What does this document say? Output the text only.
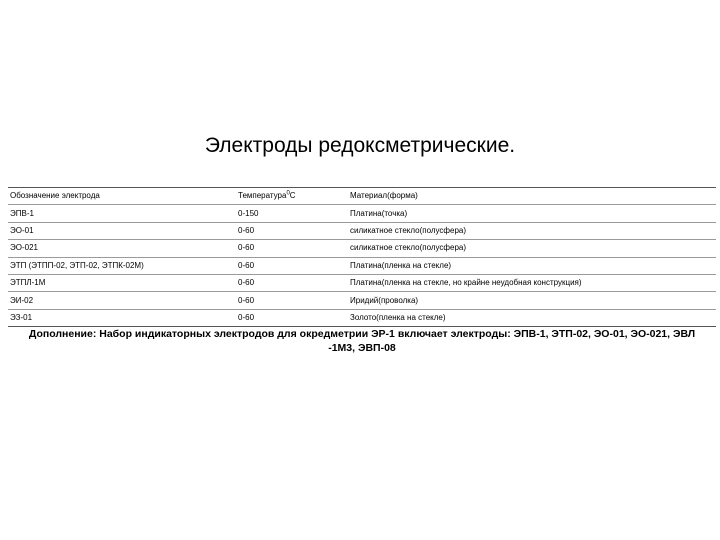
Электроды редоксметрические.
Обозначение электрода	Температура$^0$С	Материал(форма)
ЭПВ-1	0-150	Платина(точка)
ЭО-01	0-60	силикатное стекло(полусфера)
ЭО-021	0-60	силикатное стекло(полусфера)
ЭТП (ЭТПП-02, ЭТП-02, ЭТПК-02М)	0-60	Платина(пленка на стекле)
ЭТПЛ-1М	0-60	Платина(пленка на стекле, но крайне неудобная конструкция)
ЭИ-02	0-60	Иридий(проволка)
ЭЗ-01	0-60	Золото(пленка на стекле)
Дополнение: Набор индикаторных электродов для окредметрии ЭР-1 включает электроды: ЭПВ-1, ЭТП-02, ЭО-01, ЭО-021, ЭВЛ
-1М3, ЭВП-08
